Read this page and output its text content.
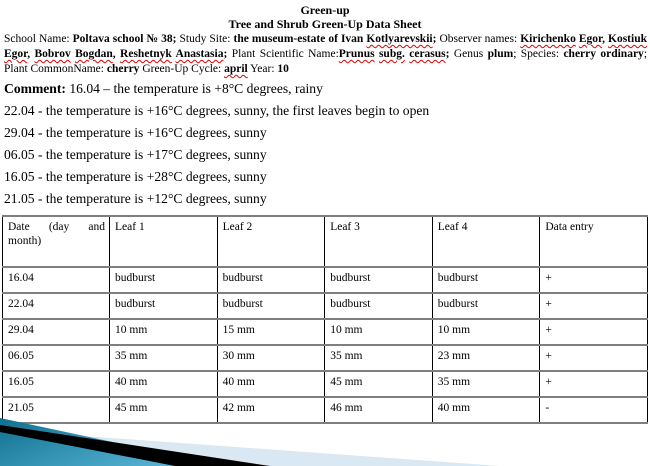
Green-up
Tree and Shrub Green-Up Data Sheet

School Name: Poltava school № 38; Study Site: the museum-estate of Ivan Kotlyarevskii; Observer names: Kirichenko Egor, Kostiuk Egor, Bobrov Bogdan, Reshetnyk Anastasia; Plant Scientific Name:Prunus subg. cerasus; Genus plum; Species: cherry ordinary; Plant CommonName: cherry Green-Up Cycle: april Year: 10

Comment: 16.04 – the temperature is +8°C degrees, rainy
22.04 - the temperature is +16°C degrees, sunny, the first leaves begin to open
29.04 - the temperature is +16°C degrees, sunny
06.05 - the temperature is +17°C degrees, sunny
16.05 - the temperature is +28°C degrees, sunny
21.05 - the temperature is +12°C degrees, sunny
Date (day and month)	Leaf 1	Leaf 2	Leaf 3	Leaf 4	Data entry
16.04	budburst	budburst	budburst	budburst	+
22.04	budburst	budburst	budburst	budburst	+
29.04	10 mm	15 mm	10 mm	10 mm	+
06.05	35 mm	30 mm	35 mm	23 mm	+
16.05	40 mm	40 mm	45 mm	35 mm	+
21.05	45 mm	42 mm	46 mm	40 mm	-
